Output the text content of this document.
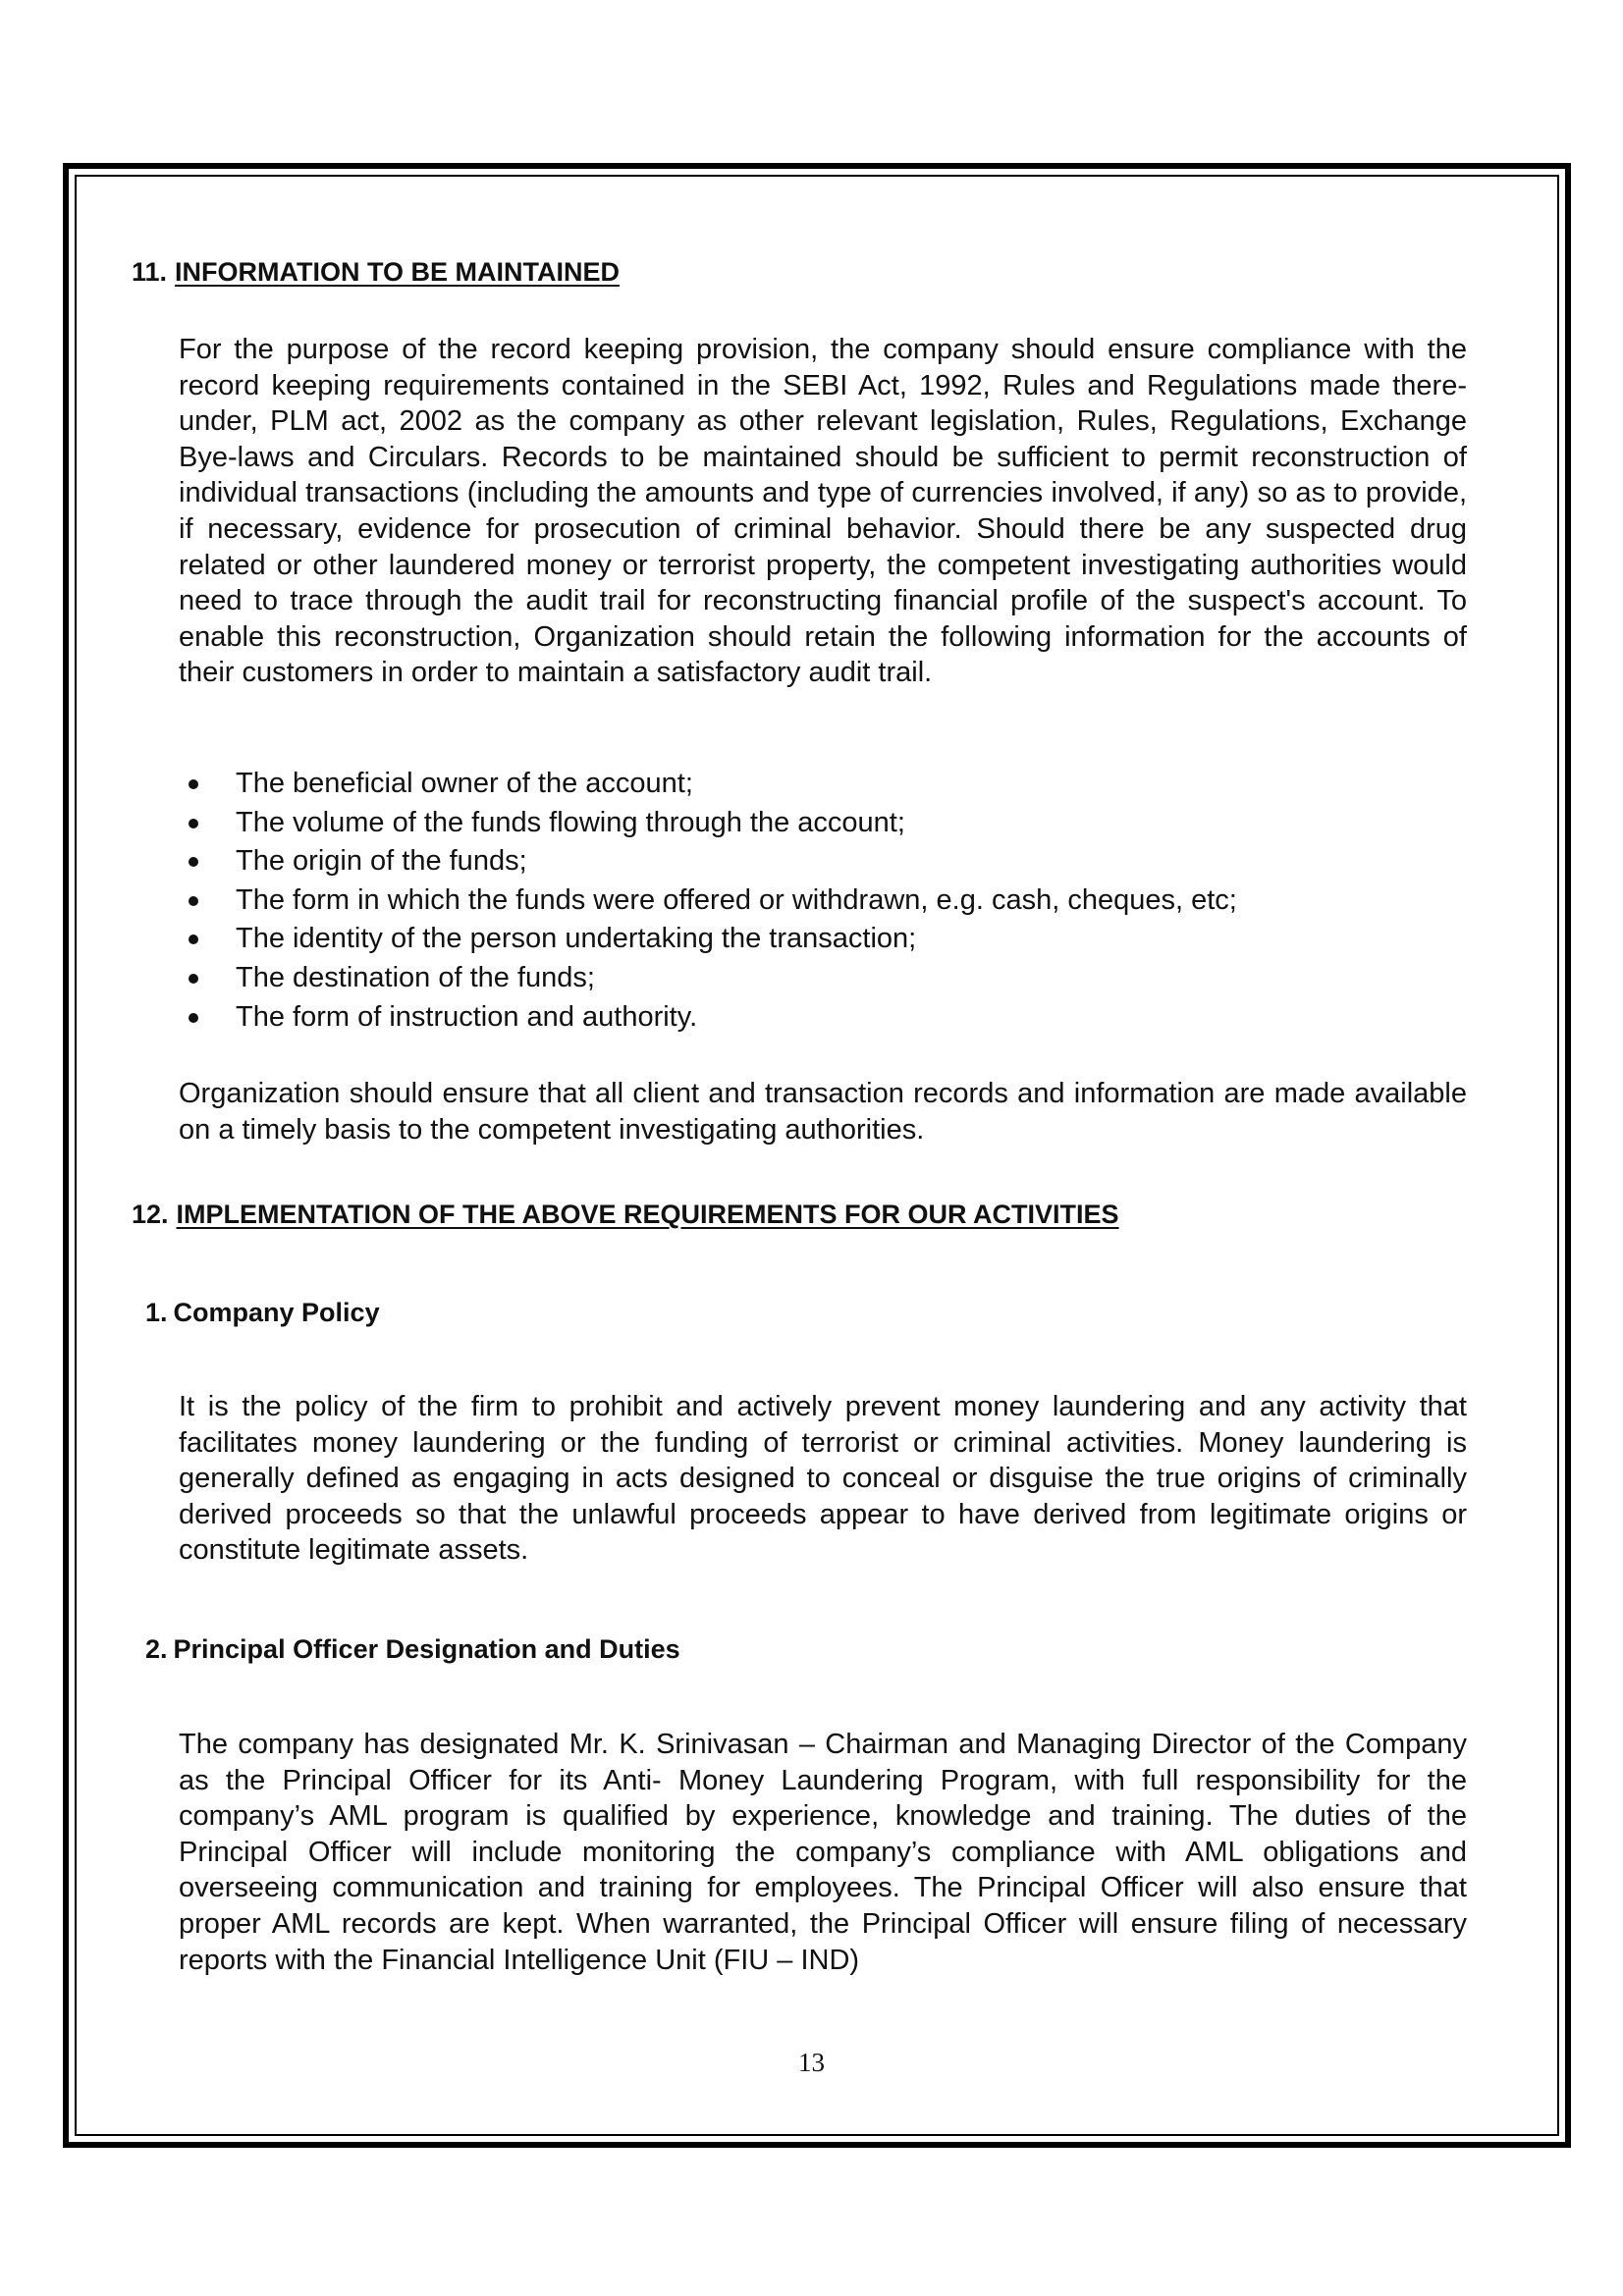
11. INFORMATION TO BE MAINTAINED

For the purpose of the record keeping provision, the company should ensure compliance with the record keeping requirements contained in the SEBI Act, 1992, Rules and Regulations made there-under, PLM act, 2002 as the company as other relevant legislation, Rules, Regulations, Exchange Bye-laws and Circulars. Records to be maintained should be sufficient to permit reconstruction of individual transactions (including the amounts and type of currencies involved, if any) so as to provide, if necessary, evidence for prosecution of criminal behavior. Should there be any suspected drug related or other laundered money or terrorist property, the competent investigating authorities would need to trace through the audit trail for reconstructing financial profile of the suspect's account. To enable this reconstruction, Organization should retain the following information for the accounts of their customers in order to maintain a satisfactory audit trail.

The beneficial owner of the account;
The volume of the funds flowing through the account;
The origin of the funds;
The form in which the funds were offered or withdrawn, e.g. cash, cheques, etc;
The identity of the person undertaking the transaction;
The destination of the funds;
The form of instruction and authority.

Organization should ensure that all client and transaction records and information are made available on a timely basis to the competent investigating authorities.

12. IMPLEMENTATION OF THE ABOVE REQUIREMENTS FOR OUR ACTIVITIES
1. Company Policy

It is the policy of the firm to prohibit and actively prevent money laundering and any activity that facilitates money laundering or the funding of terrorist or criminal activities. Money laundering is generally defined as engaging in acts designed to conceal or disguise the true origins of criminally derived proceeds so that the unlawful proceeds appear to have derived from legitimate origins or constitute legitimate assets.

2. Principal Officer Designation and Duties

The company has designated Mr. K. Srinivasan – Chairman and Managing Director of the Company as the Principal Officer for its Anti- Money Laundering Program, with full responsibility for the company’s AML program is qualified by experience, knowledge and training. The duties of the Principal Officer will include monitoring the company’s compliance with AML obligations and overseeing communication and training for employees. The Principal Officer will also ensure that proper AML records are kept. When warranted, the Principal Officer will ensure filing of necessary reports with the Financial Intelligence Unit (FIU – IND)

13
